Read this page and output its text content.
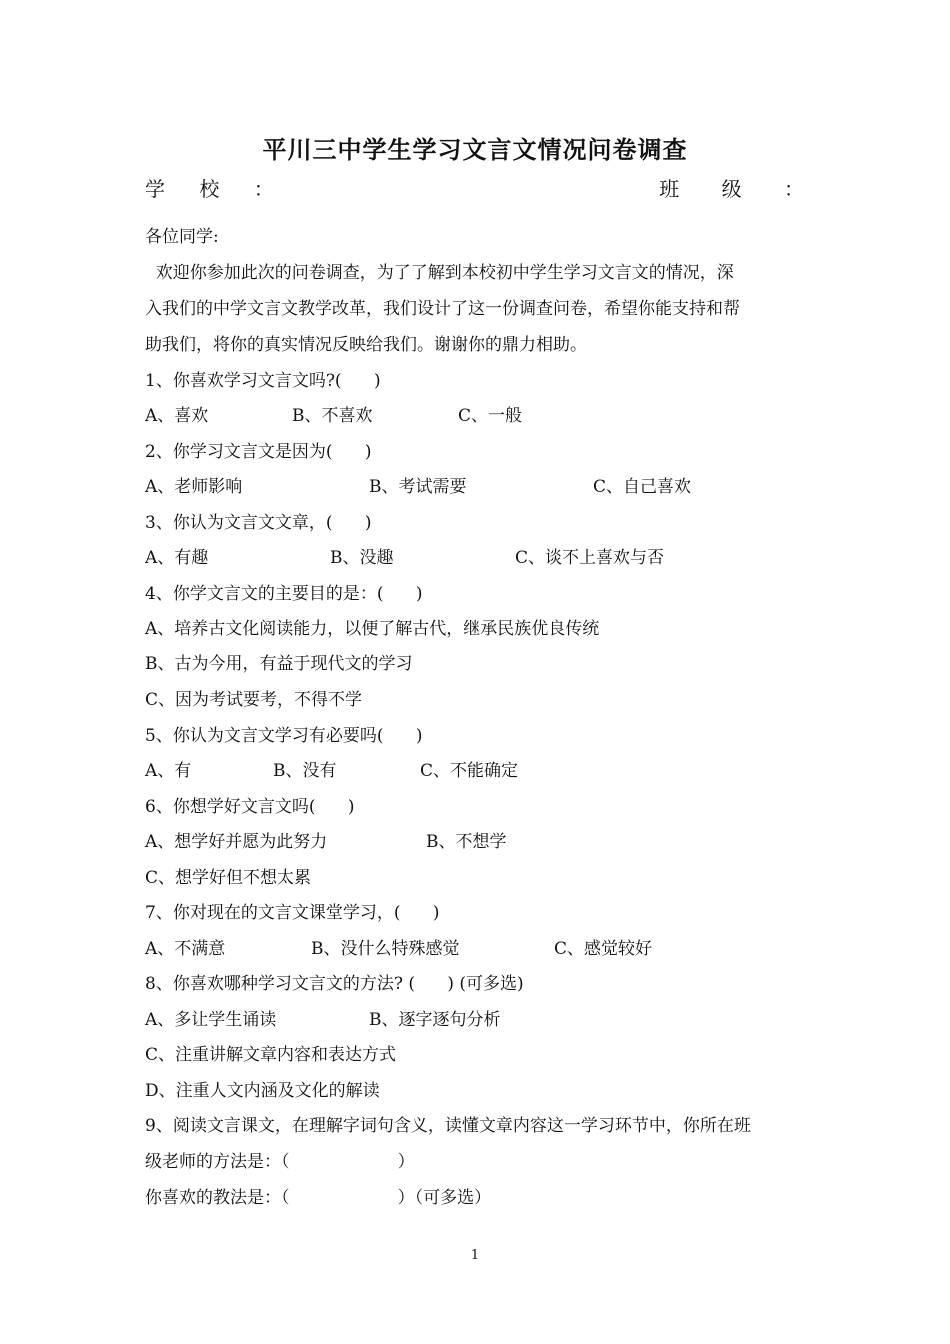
平川三中学生学习文言文情况问卷调查
学 校 ：	班 级 ：
各位同学:
欢迎你参加此次的问卷调查，为了了解到本校初中学生学习文言文的情况，深
入我们的中学文言文教学改革，我们设计了这一份调查问卷，希望你能支持和帮
助我们，将你的真实情况反映给我们。谢谢你的鼎力相助。
1、你喜欢学习文言文吗?(      )
A、喜欢	B、不喜欢	C、一般
2、你学习文言文是因为(      )
A、老师影响	B、考试需要	C、自己喜欢
3、你认为文言文文章，(      )
A、有趣	B、没趣	C、谈不上喜欢与否
4、你学文言文的主要目的是：(      )
A、培养古文化阅读能力，以便了解古代，继承民族优良传统
B、古为今用，有益于现代文的学习
C、因为考试要考，不得不学
5、你认为文言文学习有必要吗(      )
A、有	B、没有	C、不能确定
6、你想学好文言文吗(      )
A、想学好并愿为此努力	B、不想学
C、想学好但不想太累
7、你对现在的文言文课堂学习，(      )
A、不满意	B、没什么特殊感觉	C、感觉较好
8、你喜欢哪种学习文言文的方法? (      ) (可多选)
A、多让学生诵读	B、逐字逐句分析
C、注重讲解文章内容和表达方式
D、注重人文内涵及文化的解读
9、阅读文言课文，在理解字词句含义，读懂文章内容这一学习环节中，你所在班
级老师的方法是：（                    ）
你喜欢的教法是：（                    ）（可多选）
1
